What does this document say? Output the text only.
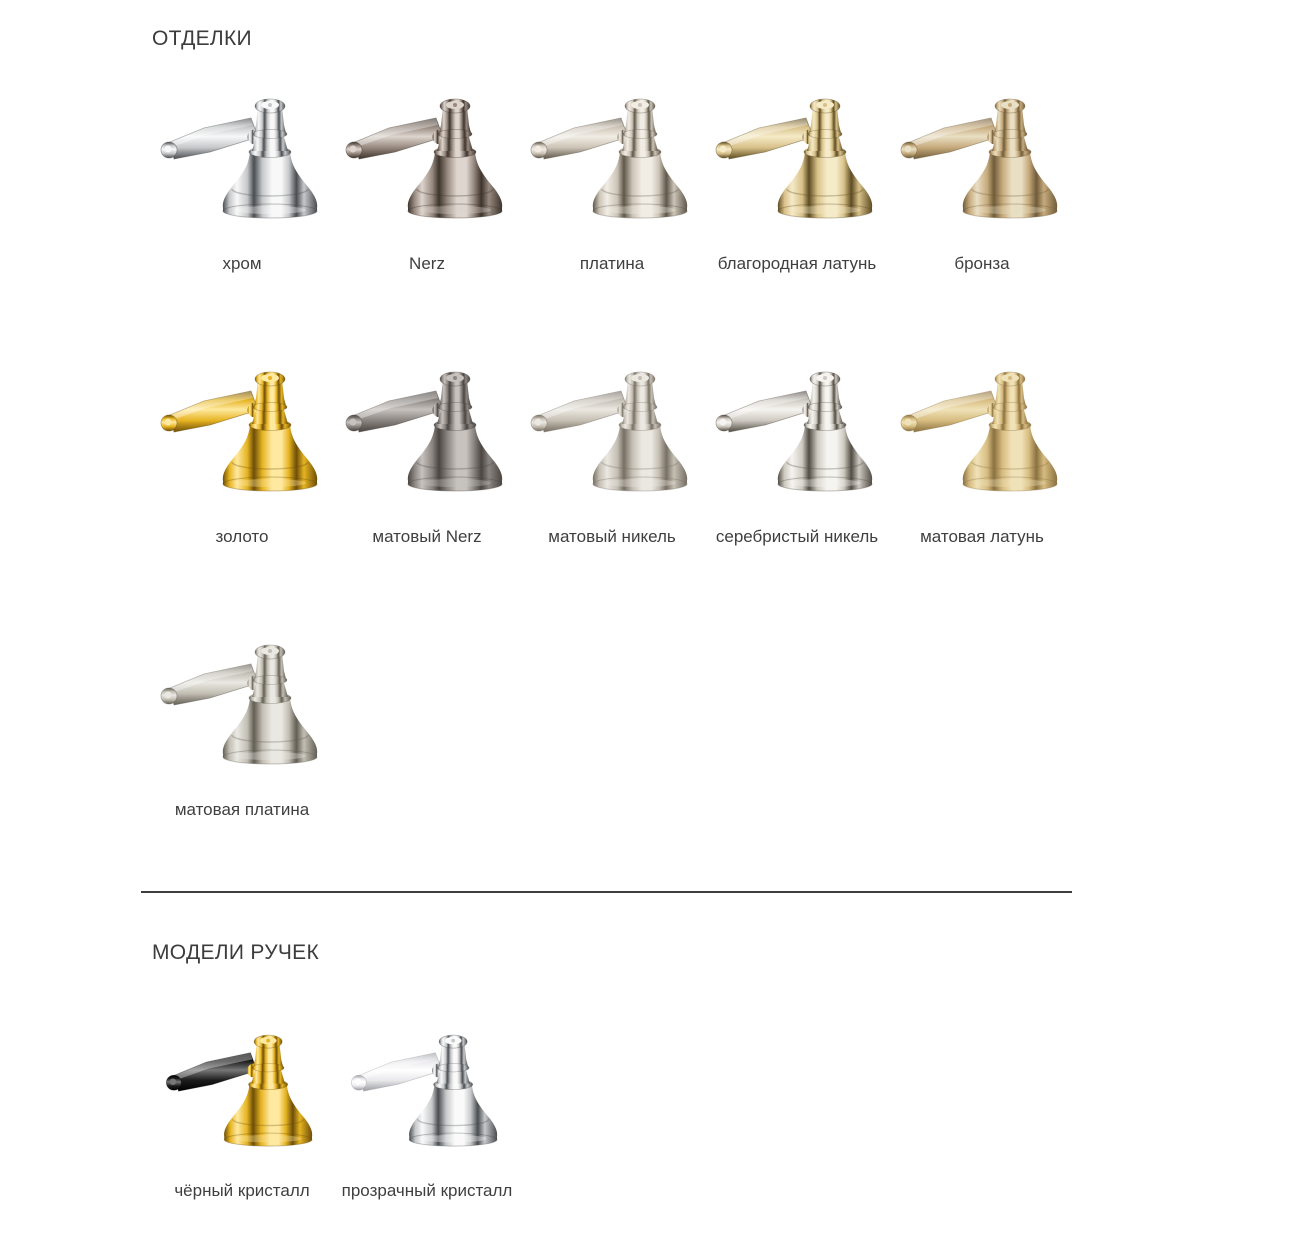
ОТДЕЛКИ
хром	Nerz	платина	благородная латунь	бронза
золото	матовый Nerz	матовый никель	серебристый никель	матовая латунь
матовая платина
МОДЕЛИ РУЧЕК
чёрный кристалл	прозрачный кристалл
